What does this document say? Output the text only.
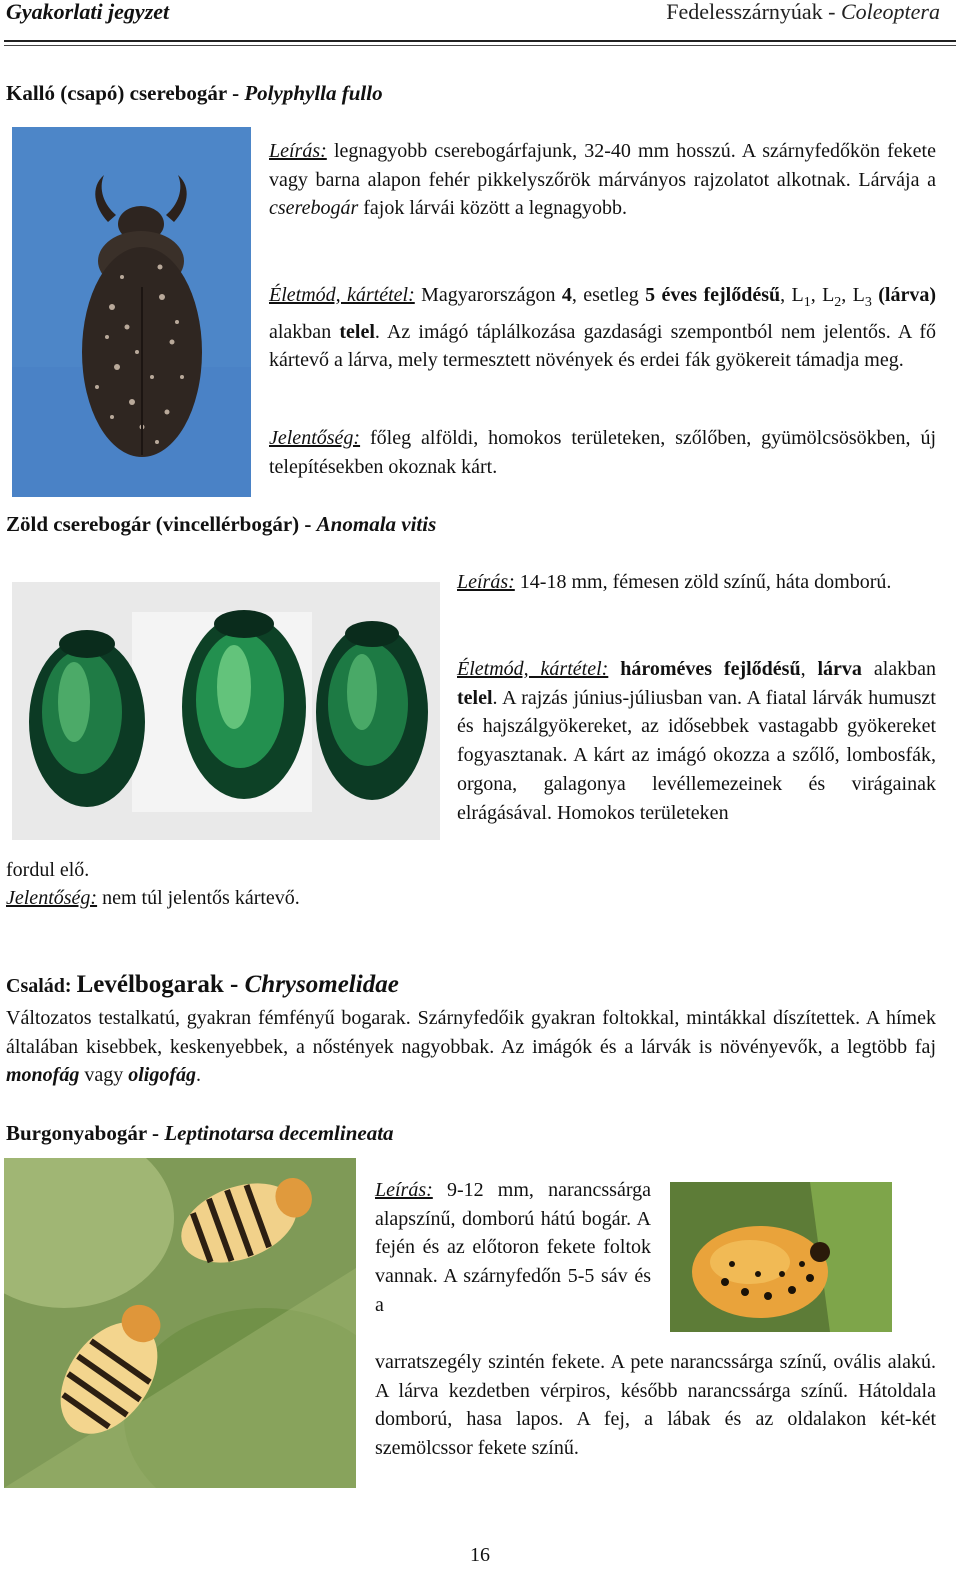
Gyakorlati jegyzet	Fedelesszárnyúak - Coleoptera
Kalló (csapó) cserebogár - Polyphylla fullo
Leírás: legnagyobb cserebogárfajunk, 32-40 mm hosszú. A szárnyfedőkön fekete vagy barna alapon fehér pikkelyszőrök márványos rajzolatot alkotnak. Lárvája a cserebogár fajok lárvái között a legnagyobb.
Életmód, kártétel: Magyarországon 4, esetleg 5 éves fejlődésű, $L_1$, $L_2$, $L_3$ (lárva) alakban telel. Az imágó táplálkozása gazdasági szempontból nem jelentős. A fő kártevő a lárva, mely termesztett növények és erdei fák gyökereit támadja meg.
Jelentőség: főleg alföldi, homokos területeken, szőlőben, gyümölcsösökben, új telepítésekben okoznak kárt.
Zöld cserebogár (vincellérbogár) - Anomala vitis
Leírás: 14-18 mm, fémesen zöld színű, háta domború.
Életmód, kártétel: hároméves fejlődésű, lárva alakban telel. A rajzás június-júliusban van. A fiatal lárvák humuszt és hajszálgyökereket, az idősebbek vastagabb gyökereket fogyasztanak. A kárt az imágó okozza a szőlő, lombosfák, orgona, galagonya levéllemezeinek és virágainak elrágásával. Homokos területeken
fordul elő.
Jelentőség: nem túl jelentős kártevő.
Család: Levélbogarak - Chrysomelidae
Változatos testalkatú, gyakran fémfényű bogarak. Szárnyfedőik gyakran foltokkal, mintákkal díszítettek. A hímek általában kisebbek, keskenyebbek, a nőstények nagyobbak. Az imágók és a lárvák is növényevők, a legtöbb faj monofág vagy oligofág.
Burgonyabogár - Leptinotarsa decemlineata
Leírás: 9-12 mm, narancssárga alapszínű, domború hátú bogár. A fején és az előtoron fekete foltok vannak. A szárnyfedőn 5-5 sáv és a
varratszegély szintén fekete. A pete narancssárga színű, ovális alakú. A lárva kezdetben vérpiros, később narancssárga színű. Hátoldala domború, hasa lapos. A fej, a lábak és az oldalakon két-két szemölcssor fekete színű.
16
